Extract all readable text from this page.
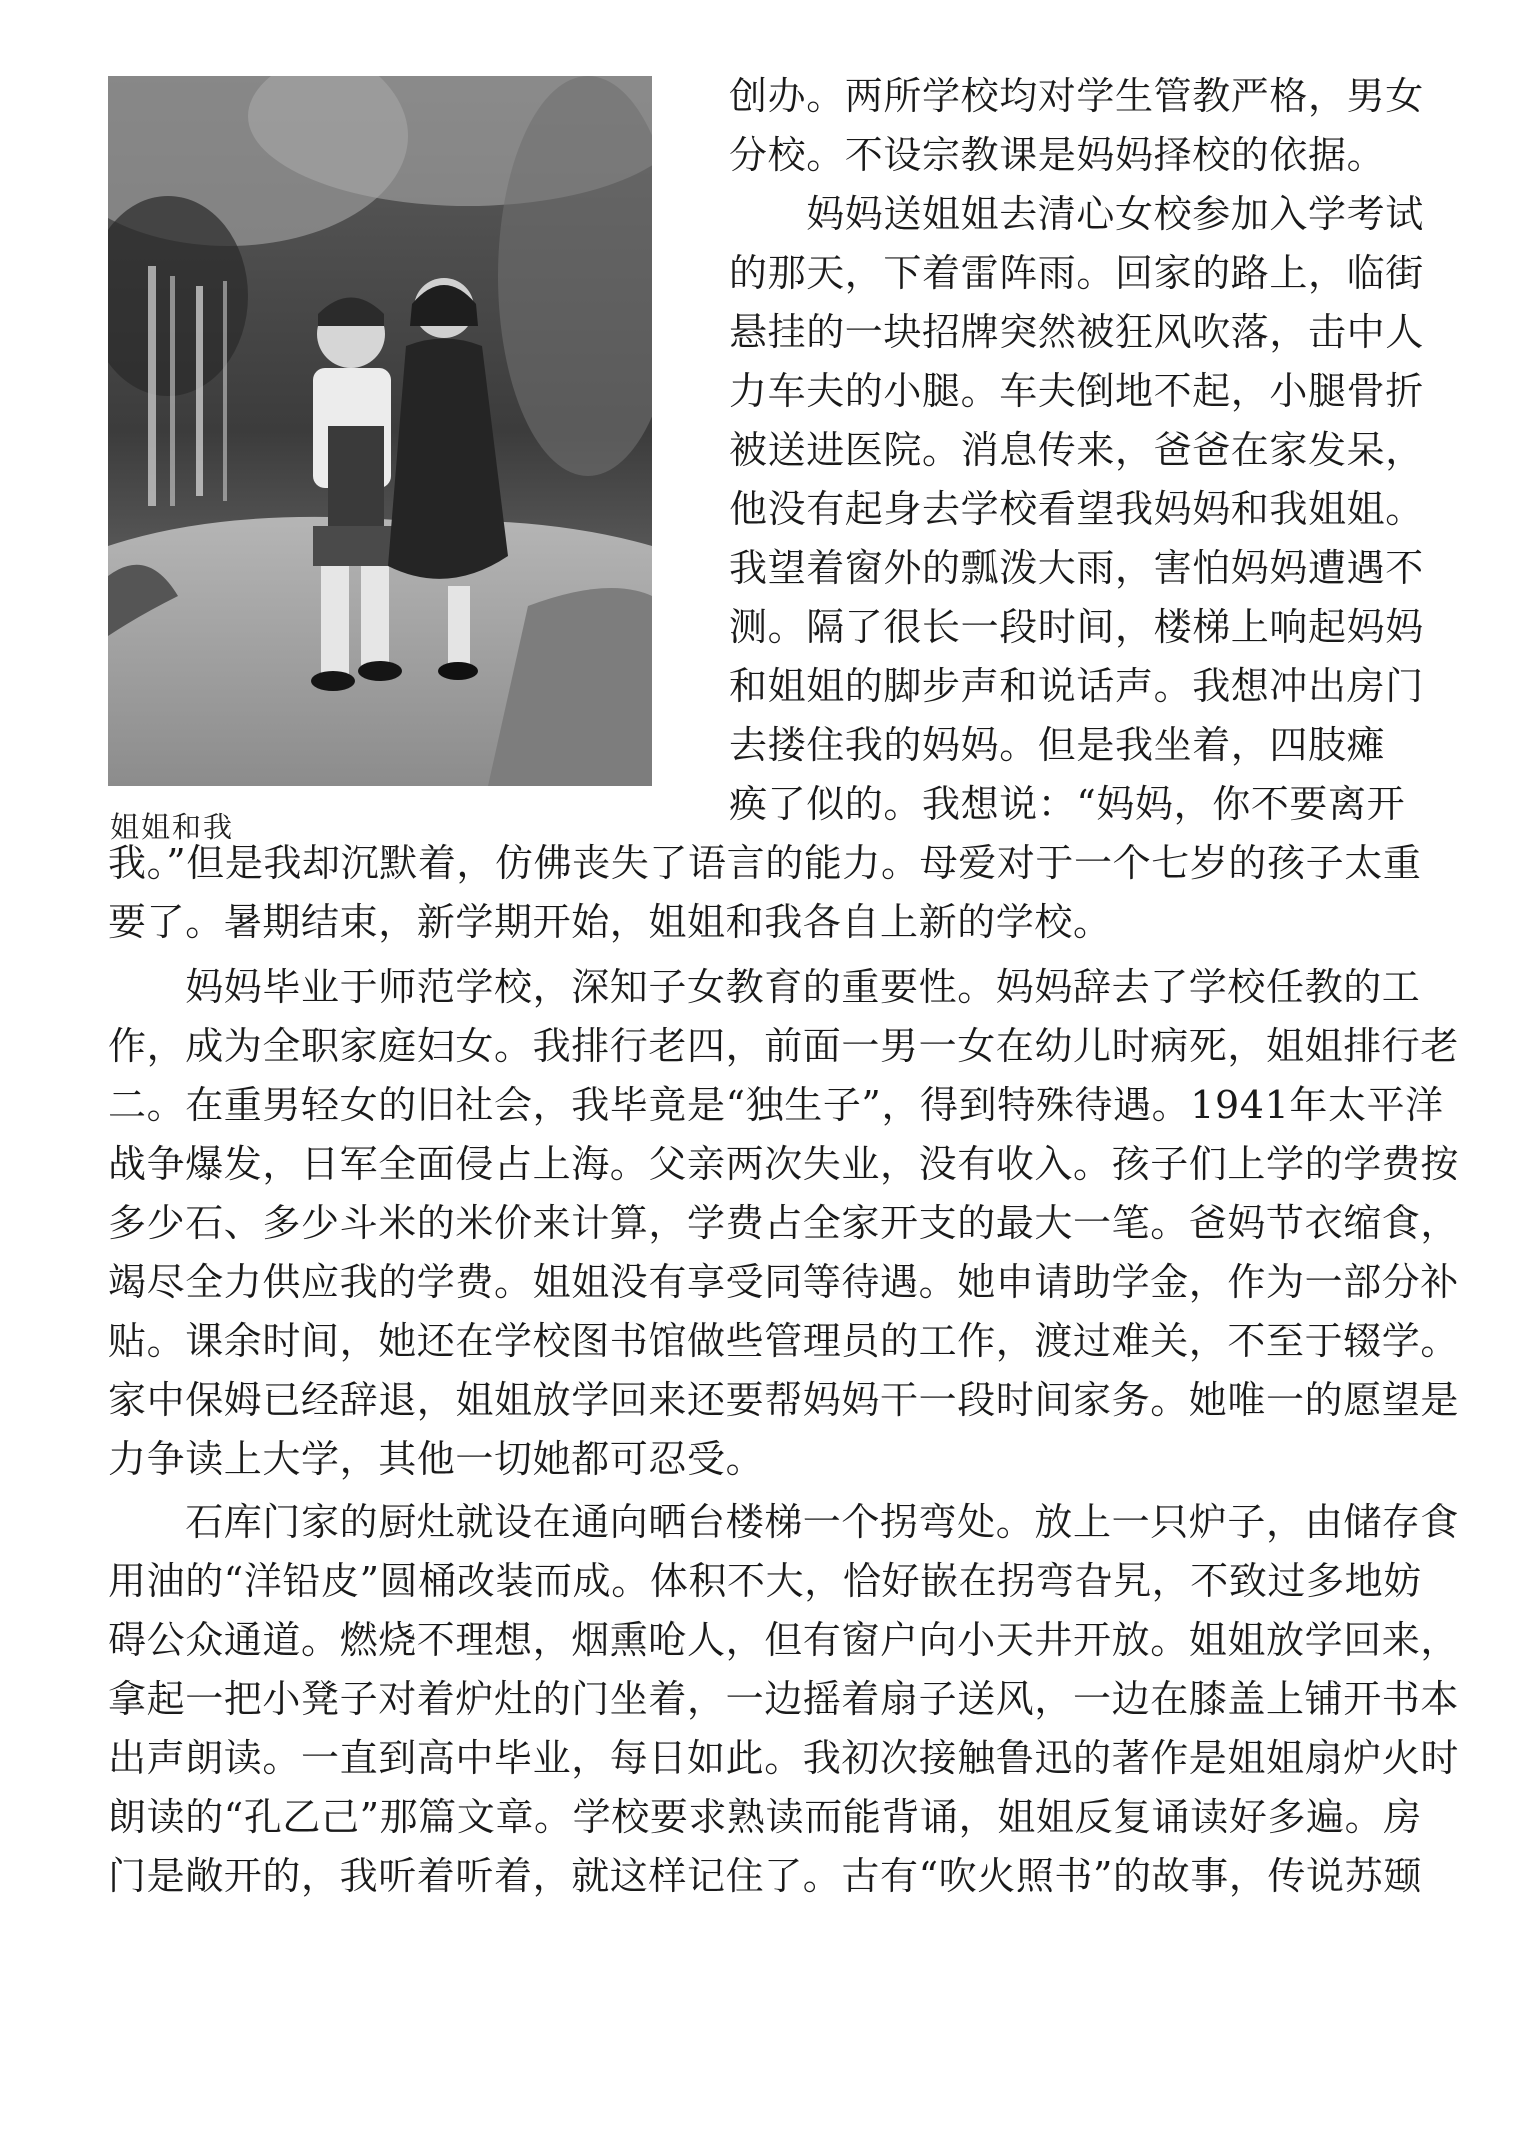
姐姐和我
创办。两所学校均对学生管教严格，男女
分校。不设宗教课是妈妈择校的依据。
　　妈妈送姐姐去清心女校参加入学考试
的那天，下着雷阵雨。回家的路上，临街
悬挂的一块招牌突然被狂风吹落，击中人
力车夫的小腿。车夫倒地不起，小腿骨折
被送进医院。消息传来，爸爸在家发呆，
他没有起身去学校看望我妈妈和我姐姐。
我望着窗外的瓢泼大雨，害怕妈妈遭遇不
测。隔了很长一段时间，楼梯上响起妈妈
和姐姐的脚步声和说话声。我想冲出房门
去搂住我的妈妈。但是我坐着，四肢瘫
痪了似的。我想说：“妈妈，你不要离开
我。”但是我却沉默着，仿佛丧失了语言的能力。母爱对于一个七岁的孩子太重
要了。暑期结束，新学期开始，姐姐和我各自上新的学校。
　　妈妈毕业于师范学校，深知子女教育的重要性。妈妈辞去了学校任教的工
作，成为全职家庭妇女。我排行老四，前面一男一女在幼儿时病死，姐姐排行老
二。在重男轻女的旧社会，我毕竟是“独生子”，得到特殊待遇。1941年太平洋
战争爆发，日军全面侵占上海。父亲两次失业，没有收入。孩子们上学的学费按
多少石、多少斗米的米价来计算，学费占全家开支的最大一笔。爸妈节衣缩食，
竭尽全力供应我的学费。姐姐没有享受同等待遇。她申请助学金，作为一部分补
贴。课余时间，她还在学校图书馆做些管理员的工作，渡过难关，不至于辍学。
家中保姆已经辞退，姐姐放学回来还要帮妈妈干一段时间家务。她唯一的愿望是
力争读上大学，其他一切她都可忍受。
　　石库门家的厨灶就设在通向晒台楼梯一个拐弯处。放上一只炉子，由储存食
用油的“洋铅皮”圆桶改装而成。体积不大，恰好嵌在拐弯旮旯，不致过多地妨
碍公众通道。燃烧不理想，烟熏呛人，但有窗户向小天井开放。姐姐放学回来，
拿起一把小凳子对着炉灶的门坐着，一边摇着扇子送风，一边在膝盖上铺开书本
出声朗读。一直到高中毕业，每日如此。我初次接触鲁迅的著作是姐姐扇炉火时
朗读的“孔乙己”那篇文章。学校要求熟读而能背诵，姐姐反复诵读好多遍。房
门是敞开的，我听着听着，就这样记住了。古有“吹火照书”的故事，传说苏颋
